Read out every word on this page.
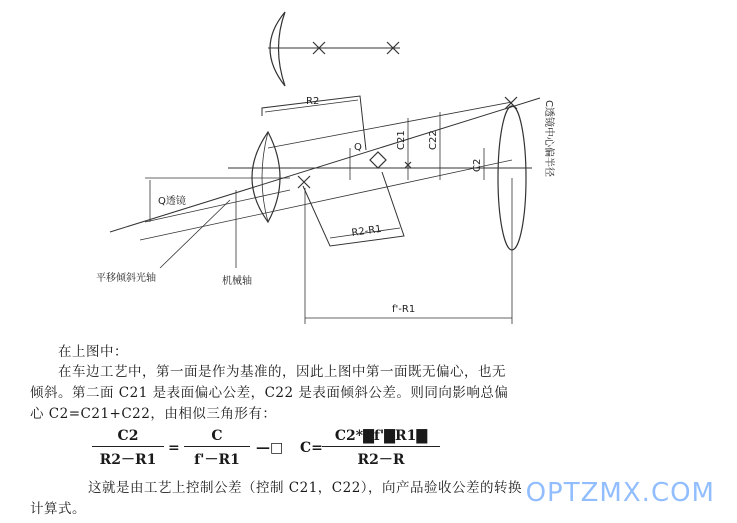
R2
C21 C22
C2
Q
Q透镜
R2-R1
C透镜中心偏半径
平移倾斜光轴	机械轴
f'-R1
在上图中：
在车边工艺中，第一面是作为基准的，因此上图中第一面既无偏心，也无
倾斜。第二面 C21 是表面偏心公差，C22 是表面倾斜公差。则同向影响总偏
心 C2=C21+C22，由相似三角形有：
$\frac{C2}{R2-R1} = \frac{C}{f'-R1}$ —□ $C= \frac{C2*▇f'▇R1▇}{R2-R}$
这就是由工艺上控制公差（控制 C21，C22），向产品验收公差的转换
计算式。
OPTZMX.COM
